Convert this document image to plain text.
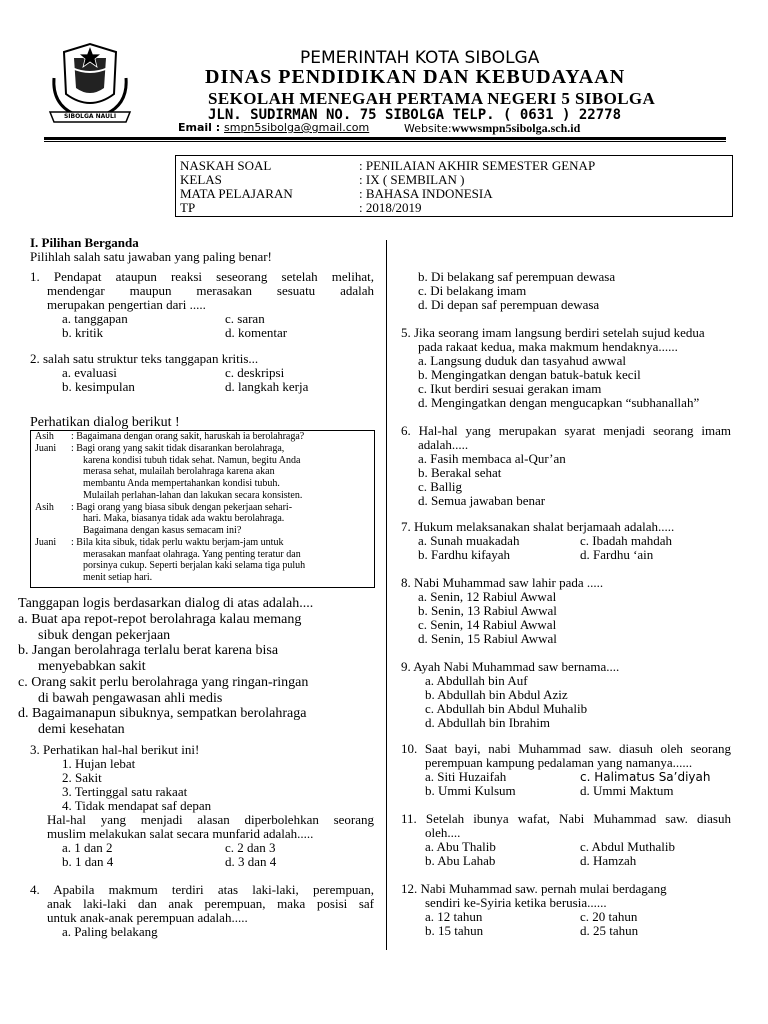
SIBOLGA NAULI
PEMERINTAH KOTA SIBOLGA
DINAS PENDIDIKAN DAN KEBUDAYAAN
SEKOLAH MENEGAH PERTAMA NEGERI 5 SIBOLGA
JLN. SUDIRMAN NO. 75 SIBOLGA TELP. ( 0631 ) 22778
Email : smpn5sibolga@gmail.com	Website:wwwsmpn5sibolga.sch.id
NASKAH SOAL	: PENILAIAN AKHIR SEMESTER GENAP
KELAS	: IX ( SEMBILAN )
MATA PELAJARAN	: BAHASA INDONESIA
TP	: 2018/2019
I. Pilihan Berganda
Pilihlah salah satu jawaban yang paling benar!
1. Pendapat ataupun reaksi seseorang setelah melihat,
mendengar maupun merasakan sesuatu adalah
merupakan pengertian dari .....
a. tanggapan	c. saran
b. kritik	d. komentar
2. salah satu struktur teks tanggapan kritis...
a. evaluasi	c. deskripsi
b. kesimpulan	d. langkah kerja
Perhatikan dialog berikut !
Asih : Bagaimana dengan orang sakit, haruskah ia berolahraga?
Juani : Bagi orang yang sakit tidak disarankan berolahraga,
karena kondisi tubuh tidak sehat. Namun, begitu Anda
merasa sehat, mulailah berolahraga karena akan
membantu Anda mempertahankan kondisi tubuh.
Mulailah perlahan-lahan dan lakukan secara konsisten.
Asih : Bagi orang yang biasa sibuk dengan pekerjaan sehari-
hari. Maka, biasanya tidak ada waktu berolahraga.
Bagaimana dengan kasus semacam ini?
Juani : Bila kita sibuk, tidak perlu waktu berjam-jam untuk
merasakan manfaat olahraga. Yang penting teratur dan
porsinya cukup. Seperti berjalan kaki selama tiga puluh
menit setiap hari.
Tanggapan logis berdasarkan dialog di atas adalah....
a. Buat apa repot-repot berolahraga kalau memang
sibuk dengan pekerjaan
b. Jangan berolahraga terlalu berat karena bisa
menyebabkan sakit
c. Orang sakit perlu berolahraga yang ringan-ringan
di bawah pengawasan ahli medis
d. Bagaimanapun sibuknya, sempatkan berolahraga
demi kesehatan
3. Perhatikan hal-hal berikut ini!
1. Hujan lebat
2. Sakit
3. Tertinggal satu rakaat
4. Tidak mendapat saf depan
Hal-hal yang menjadi alasan diperbolehkan seorang
muslim melakukan salat secara munfarid adalah.....
a. 1 dan 2	c. 2 dan 3
b. 1 dan 4	d. 3 dan 4
4. Apabila makmum terdiri atas laki-laki, perempuan,
anak laki-laki dan anak perempuan, maka posisi saf
untuk anak-anak perempuan adalah.....
a. Paling belakang
b. Di belakang saf perempuan dewasa
c. Di belakang imam
d. Di depan saf perempuan dewasa
5. Jika seorang imam langsung berdiri setelah sujud kedua
pada rakaat kedua, maka makmum hendaknya......
a. Langsung duduk dan tasyahud awwal
b. Mengingatkan dengan batuk-batuk kecil
c. Ikut berdiri sesuai gerakan imam
d. Mengingatkan dengan mengucapkan “subhanallah”
6. Hal-hal yang merupakan syarat menjadi seorang imam
adalah.....
a. Fasih membaca al-Qur’an
b. Berakal sehat
c. Ballig
d. Semua jawaban benar
7. Hukum melaksanakan shalat berjamaah adalah.....
a. Sunah muakadah	c. Ibadah mahdah
b. Fardhu kifayah	d. Fardhu ‘ain
8. Nabi Muhammad saw lahir pada .....
a. Senin, 12 Rabiul Awwal
b. Senin, 13 Rabiul Awwal
c. Senin, 14 Rabiul Awwal
d. Senin, 15 Rabiul Awwal
9. Ayah Nabi Muhammad saw bernama....
a. Abdullah bin Auf
b. Abdullah bin Abdul Aziz
c. Abdullah bin Abdul Muhalib
d. Abdullah bin Ibrahim
10. Saat bayi, nabi Muhammad saw. diasuh oleh seorang
perempuan kampung pedalaman yang namanya......
a. Siti Huzaifah	c. Halimatus Sa’diyah
b. Ummi Kulsum	d. Ummi Maktum
11. Setelah ibunya wafat, Nabi Muhammad saw. diasuh
oleh....
a. Abu Thalib	c. Abdul Muthalib
b. Abu Lahab	d. Hamzah
12. Nabi Muhammad saw. pernah mulai berdagang
sendiri ke-Syiria ketika berusia......
a. 12 tahun	c. 20 tahun
b. 15 tahun	d. 25 tahun
